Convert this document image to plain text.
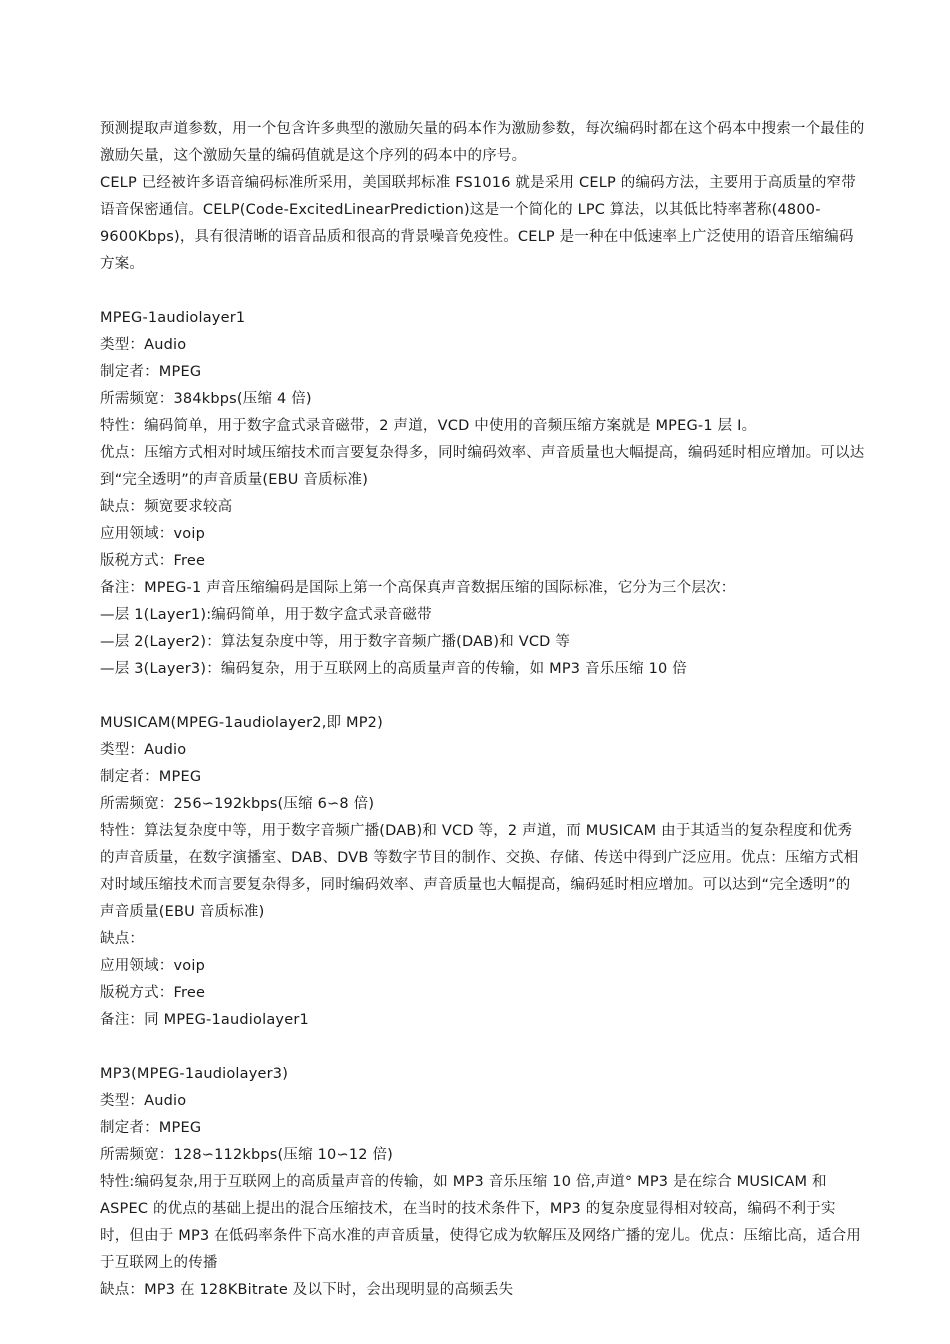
预测提取声道参数，用一个包含许多典型的激励矢量的码本作为激励参数，每次编码时都在这个码本中搜索一个最佳的激励矢量，这个激励矢量的编码值就是这个序列的码本中的序号。

CELP 已经被许多语音编码标准所采用，美国联邦标准 FS1016 就是采用 CELP 的编码方法，主要用于高质量的窄带语音保密通信。CELP(Code-ExcitedLinearPrediction)这是一个简化的 LPC 算法，以其低比特率著称(4800-9600Kbps)，具有很清晰的语音品质和很高的背景噪音免疫性。CELP 是一种在中低速率上广泛使用的语音压缩编码方案。

MPEG-1audiolayer1

类型：Audio

制定者：MPEG

所需频宽：384kbps(压缩 4 倍)

特性：编码简单，用于数字盒式录音磁带，2 声道，VCD 中使用的音频压缩方案就是 MPEG-1 层 I。

优点：压缩方式相对时域压缩技术而言要复杂得多，同时编码效率、声音质量也大幅提高，编码延时相应增加。可以达到“完全透明”的声音质量(EBU 音质标准)

缺点：频宽要求较高

应用领域：voip

版税方式：Free

备注：MPEG-1 声音压缩编码是国际上第一个高保真声音数据压缩的国际标准，它分为三个层次：

—层 1(Layer1):编码简单，用于数字盒式录音磁带

—层 2(Layer2)：算法复杂度中等，用于数字音频广播(DAB)和 VCD 等

—层 3(Layer3)：编码复杂，用于互联网上的高质量声音的传输，如 MP3 音乐压缩 10 倍

MUSICAM(MPEG-1audiolayer2,即 MP2)

类型：Audio

制定者：MPEG

所需频宽：256∽192kbps(压缩 6∽8 倍)

特性：算法复杂度中等，用于数字音频广播(DAB)和 VCD 等，2 声道，而 MUSICAM 由于其适当的复杂程度和优秀的声音质量，在数字演播室、DAB、DVB 等数字节目的制作、交换、存储、传送中得到广泛应用。优点：压缩方式相对时域压缩技术而言要复杂得多，同时编码效率、声音质量也大幅提高，编码延时相应增加。可以达到“完全透明”的声音质量(EBU 音质标准)

缺点：

应用领域：voip

版税方式：Free

备注：同 MPEG-1audiolayer1

MP3(MPEG-1audiolayer3)

类型：Audio

制定者：MPEG

所需频宽：128∽112kbps(压缩 10∽12 倍)

特性:编码复杂,用于互联网上的高质量声音的传输，如 MP3 音乐压缩 10 倍,声道° MP3 是在综合 MUSICAM 和 ASPEC 的优点的基础上提出的混合压缩技术，在当时的技术条件下，MP3 的复杂度显得相对较高，编码不利于实时，但由于 MP3 在低码率条件下高水准的声音质量，使得它成为软解压及网络广播的宠儿。优点：压缩比高，适合用于互联网上的传播

缺点：MP3 在 128KBitrate 及以下时，会出现明显的高频丢失
